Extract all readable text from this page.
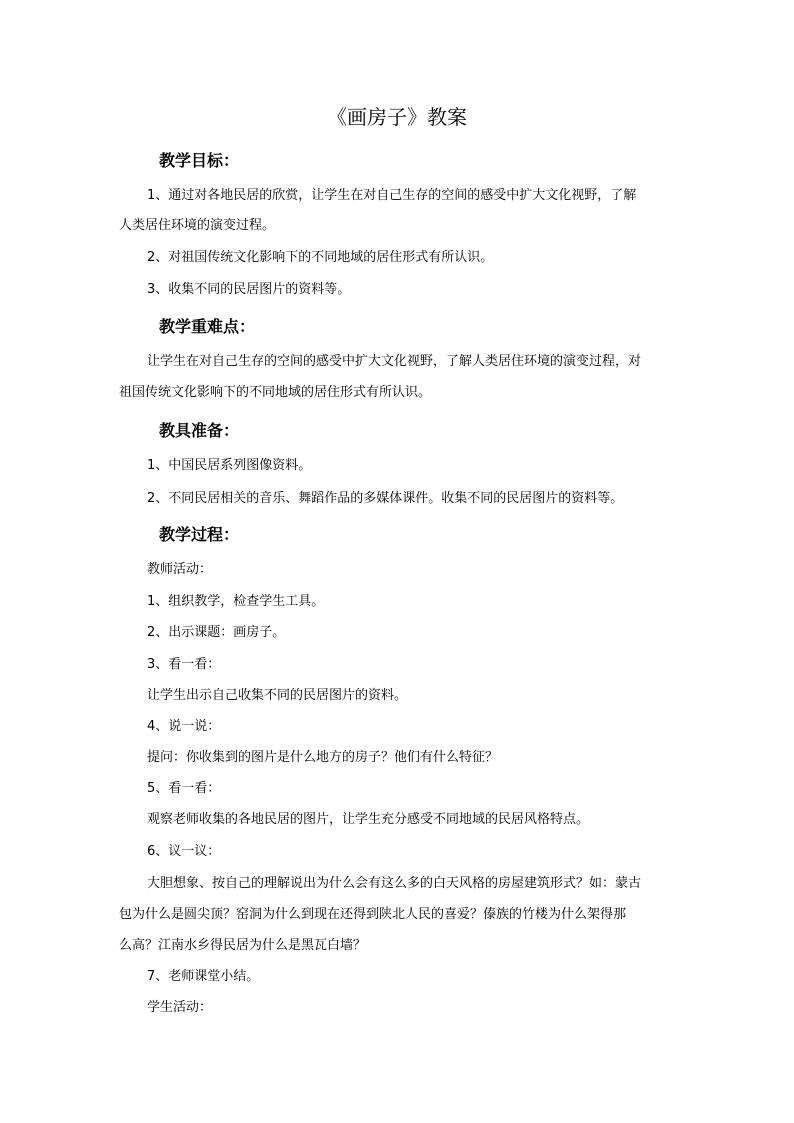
《画房子》教案
教学目标：
1、通过对各地民居的欣赏，让学生在对自己生存的空间的感受中扩大文化视野，了解
人类居住环境的演变过程。
2、对祖国传统文化影响下的不同地域的居住形式有所认识。
3、收集不同的民居图片的资料等。
教学重难点：
让学生在对自己生存的空间的感受中扩大文化视野，了解人类居住环境的演变过程，对
祖国传统文化影响下的不同地域的居住形式有所认识。
教具准备：
1、中国民居系列图像资料。
2、不同民居相关的音乐、舞蹈作品的多媒体课件。收集不同的民居图片的资料等。
教学过程：
教师活动：
1、组织教学，检查学生工具。
2、出示课题：画房子。
3、看一看：
让学生出示自己收集不同的民居图片的资料。
4、说一说：
提问：你收集到的图片是什么地方的房子？他们有什么特征？
5、看一看：
观察老师收集的各地民居的图片，让学生充分感受不同地域的民居风格特点。
6、议一议：
大胆想象、按自己的理解说出为什么会有这么多的白天风格的房屋建筑形式？如：蒙古
包为什么是圆尖顶？窑洞为什么到现在还得到陕北人民的喜爱？傣族的竹楼为什么架得那
么高？江南水乡得民居为什么是黑瓦白墙？
7、老师课堂小结。
学生活动：
